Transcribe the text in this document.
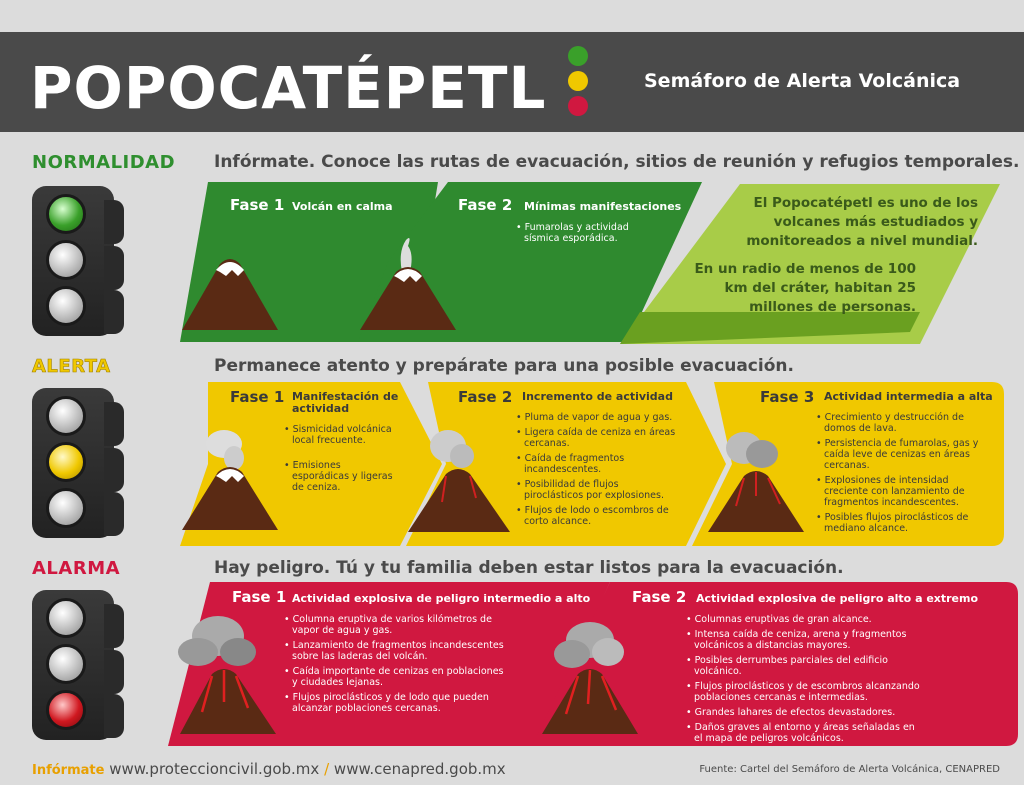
POPOCATÉPETL	Semáforo de Alerta Volcánica
NORMALIDAD Infórmate. Conoce las rutas de evacuación, sitios de reunión y refugios temporales.
Fase 1 Volcán en calma	Fase 2 Mínimas manifestaciones
• Fumarolas y actividad sísmica esporádica.

El Popocatépetl es uno de los volcanes más estudiados y monitoreados a nivel mundial.

En un radio de menos de 100 km del cráter, habitan 25 millones de personas.

ALERTA	Permanece atento y prepárate para una posible evacuación.
Fase 1 Manifestación de actividad
• Sismicidad volcánica local frecuente.
• Emisiones esporádicas y ligeras de ceniza.
Fase 2 Incremento de actividad
• Pluma de vapor de agua y gas.
• Ligera caída de ceniza en áreas cercanas.
• Caída de fragmentos incandescentes.
• Posibilidad de flujos piroclásticos por explosiones.
• Flujos de lodo o escombros de corto alcance.
Fase 3 Actividad intermedia a alta
• Crecimiento y destrucción de domos de lava.
• Persistencia de fumarolas, gas y caída leve de cenizas en áreas cercanas.
• Explosiones de intensidad creciente con lanzamiento de fragmentos incandescentes.
• Posibles flujos piroclásticos de mediano alcance.
ALARMA	Hay peligro. Tú y tu familia deben estar listos para la evacuación.
Fase 1 Actividad explosiva de peligro intermedio a alto
• Columna eruptiva de varios kilómetros de vapor de agua y gas.
• Lanzamiento de fragmentos incandescentes sobre las laderas del volcán.
• Caída importante de cenizas en poblaciones y ciudades lejanas.
• Flujos piroclásticos y de lodo que pueden alcanzar poblaciones cercanas.
Fase 2 Actividad explosiva de peligro alto a extremo
• Columnas eruptivas de gran alcance.
• Intensa caída de ceniza, arena y fragmentos volcánicos a distancias mayores.
• Posibles derrumbes parciales del edificio volcánico.
• Flujos piroclásticos y de escombros alcanzando poblaciones cercanas e intermedias.
• Grandes lahares de efectos devastadores.
• Daños graves al entorno y áreas señaladas en el mapa de peligros volcánicos.
Infórmate www.proteccioncivil.gob.mx / www.cenapred.gob.mx	Fuente: Cartel del Semáforo de Alerta Volcánica, CENAPRED
